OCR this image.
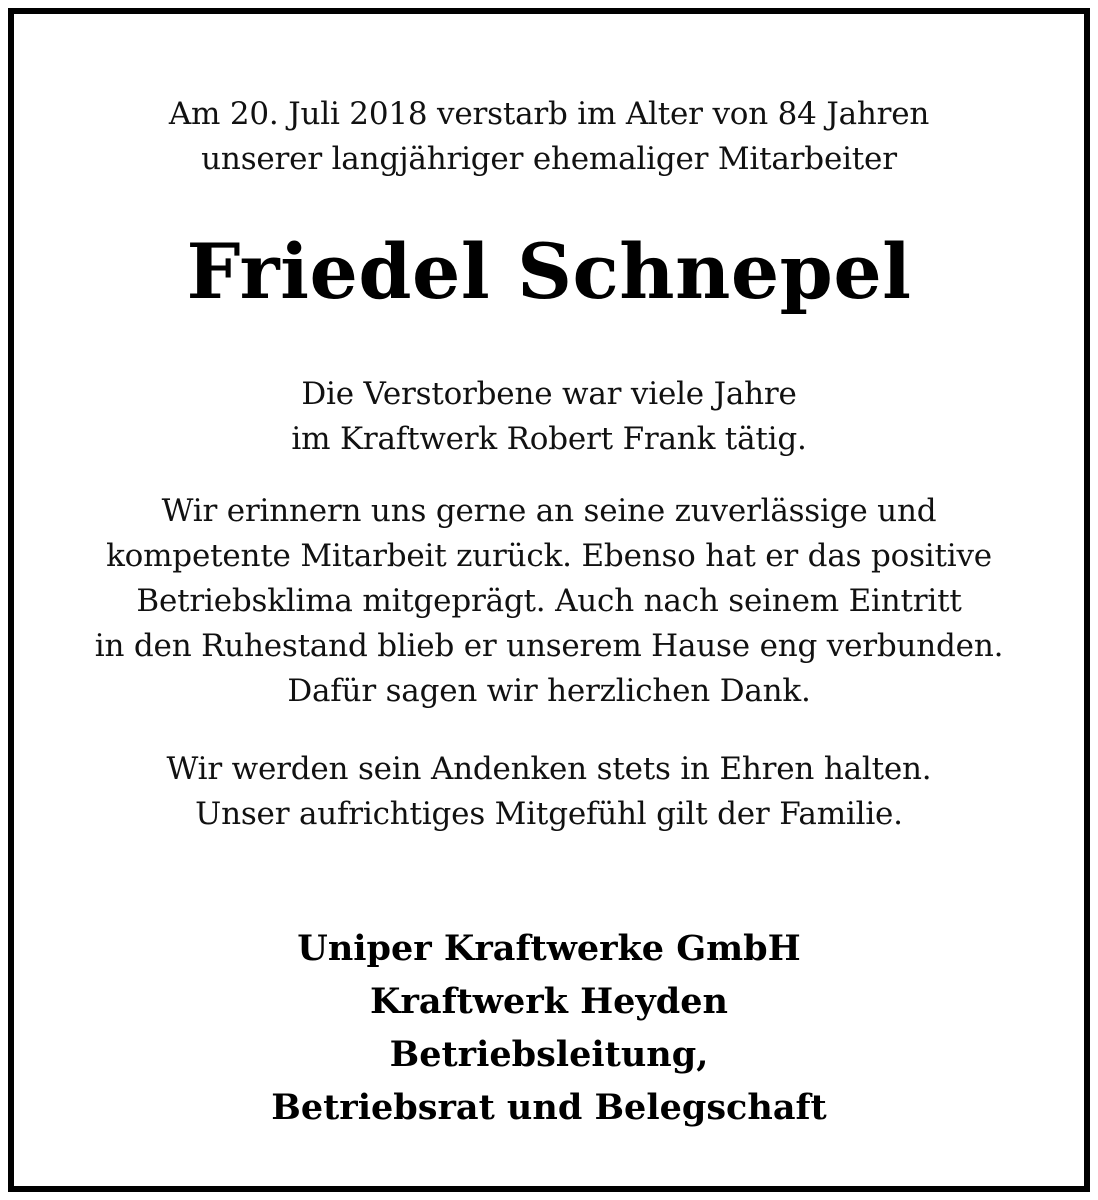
Am 20. Juli 2018 verstarb im Alter von 84 Jahren
unserer langjähriger ehemaliger Mitarbeiter
Friedel Schnepel
Die Verstorbene war viele Jahre
im Kraftwerk Robert Frank tätig.
Wir erinnern uns gerne an seine zuverlässige und
kompetente Mitarbeit zurück. Ebenso hat er das positive
Betriebsklima mitgeprägt. Auch nach seinem Eintritt
in den Ruhestand blieb er unserem Hause eng verbunden.
Dafür sagen wir herzlichen Dank.
Wir werden sein Andenken stets in Ehren halten.
Unser aufrichtiges Mitgefühl gilt der Familie.
Uniper Kraftwerke GmbH
Kraftwerk Heyden
Betriebsleitung,
Betriebsrat und Belegschaft
